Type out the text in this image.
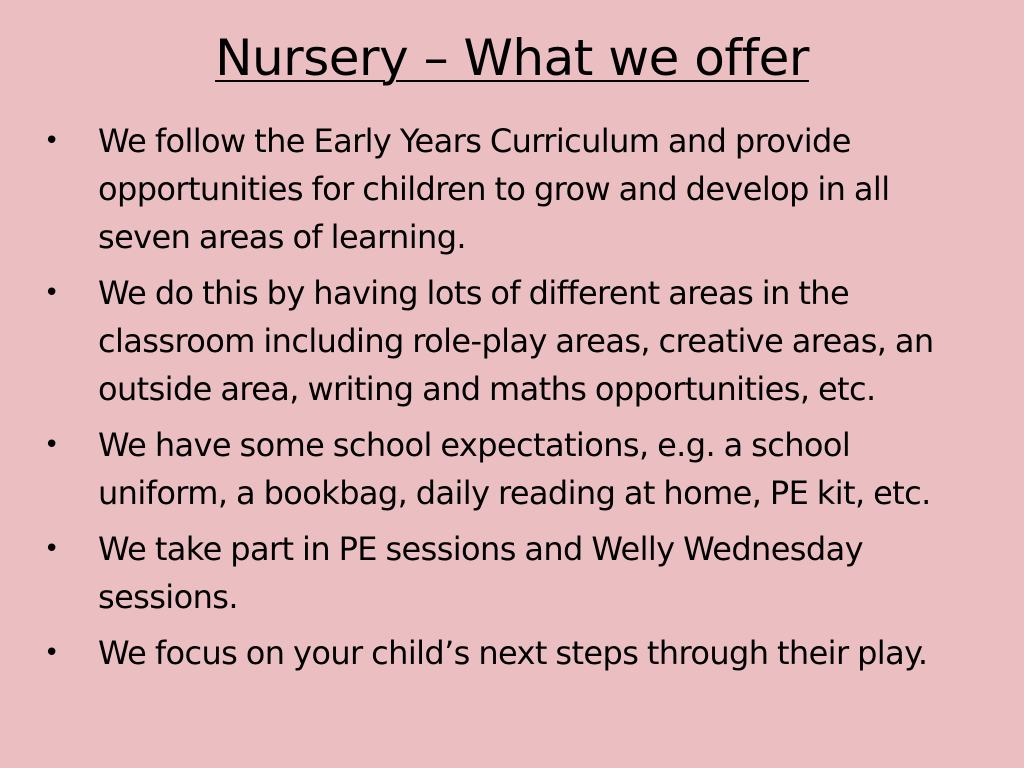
Nursery – What we offer
• We follow the Early Years Curriculum and provide opportunities for children to grow and develop in all seven areas of learning.
• We do this by having lots of different areas in the classroom including role-play areas, creative areas, an outside area, writing and maths opportunities, etc.
• We have some school expectations, e.g. a school uniform, a bookbag, daily reading at home, PE kit, etc.
• We take part in PE sessions and Welly Wednesday sessions.
• We focus on your child’s next steps through their play.
